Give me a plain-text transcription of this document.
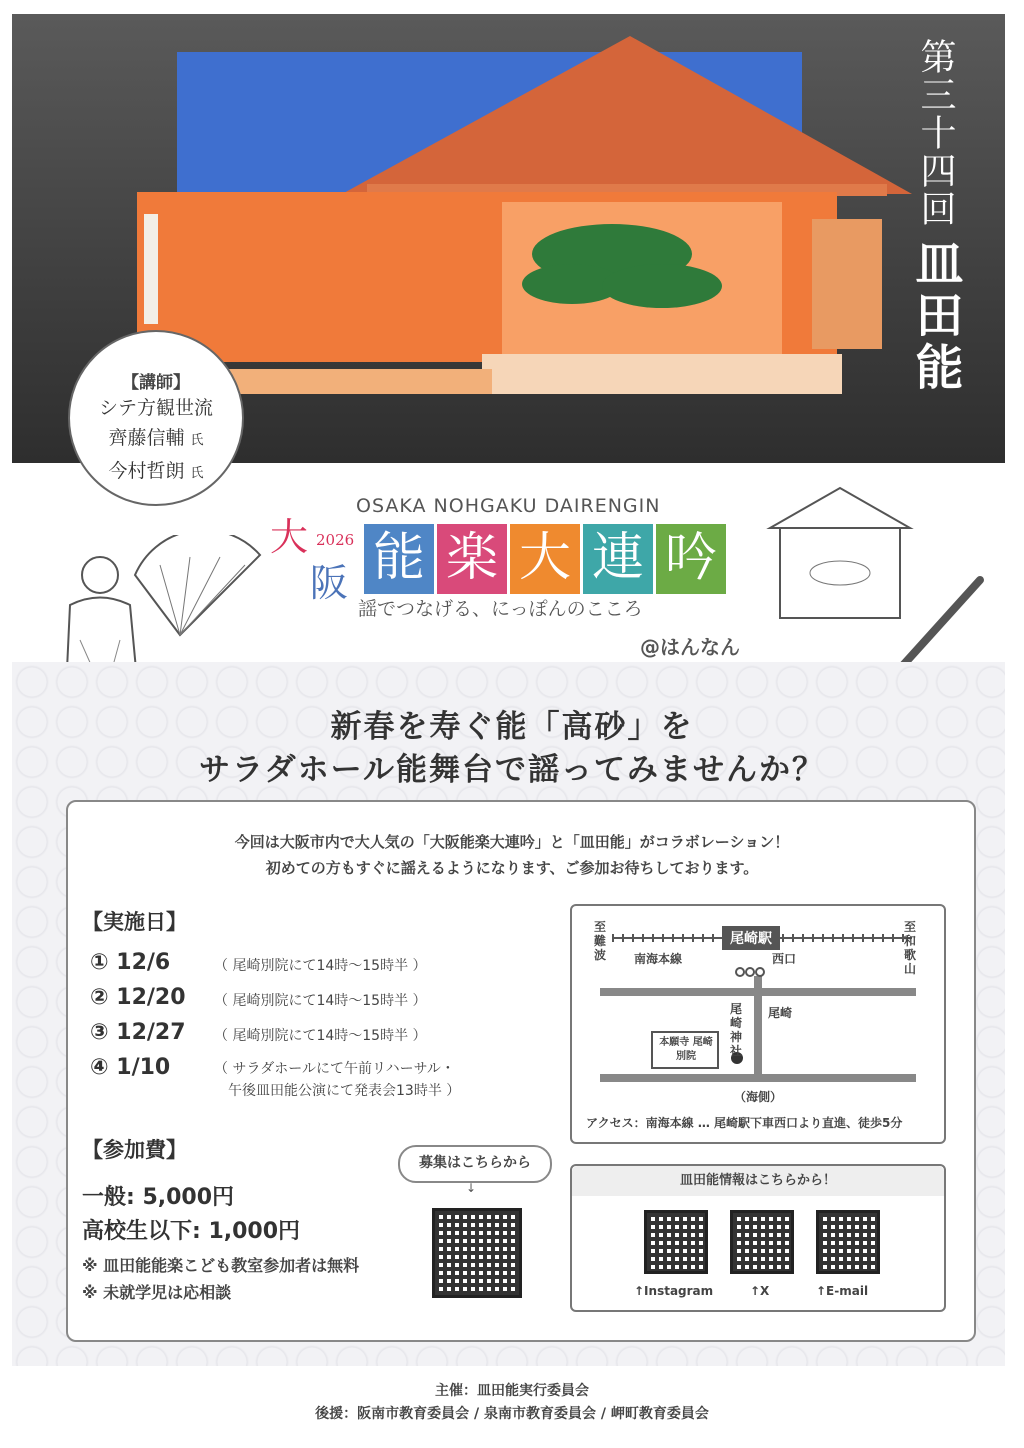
第三十四回
皿田能
【講師】
シテ方観世流
齊藤信輔 氏
今村哲朗 氏
OSAKA NOHGAKU DAIRENGIN
大 2026
阪 能 楽 大 連 吟
謡でつなげる、にっぽんのこころ
@はんなん
新春を寿ぐ能「高砂」を
サラダホール能舞台で謡ってみませんか？
今回は大阪市内で大人気の「大阪能楽大連吟」と「皿田能」がコラボレーション！
初めての方もすぐに謡えるようになります、ご参加お待ちしております。
【実施日】
① 12/6	（ 尾崎別院にて14時～15時半 ）
② 12/20 （ 尾崎別院にて14時～15時半 ）
③ 12/27 （ 尾崎別院にて14時～15時半 ）
④ 1/10	（ サラダホールにて午前リハーサル・
午後皿田能公演にて発表会13時半 ）
【参加費】
一般: 5,000円
高校生以下: 1,000円
※ 皿田能能楽こども教室参加者は無料
※ 未就学児は応相談
募集はこちらから
↓
尾崎駅
至難波
至和歌山
南海本線	西口
尾崎神社
尾崎
本願寺 尾崎別院
（海側）
アクセス：南海本線 … 尾崎駅下車西口より直進、徒歩5分
皿田能情報はこちらから！
↑Instagram	↑X	↑E-mail
主催：皿田能実行委員会
後援：阪南市教育委員会 / 泉南市教育委員会 / 岬町教育委員会
